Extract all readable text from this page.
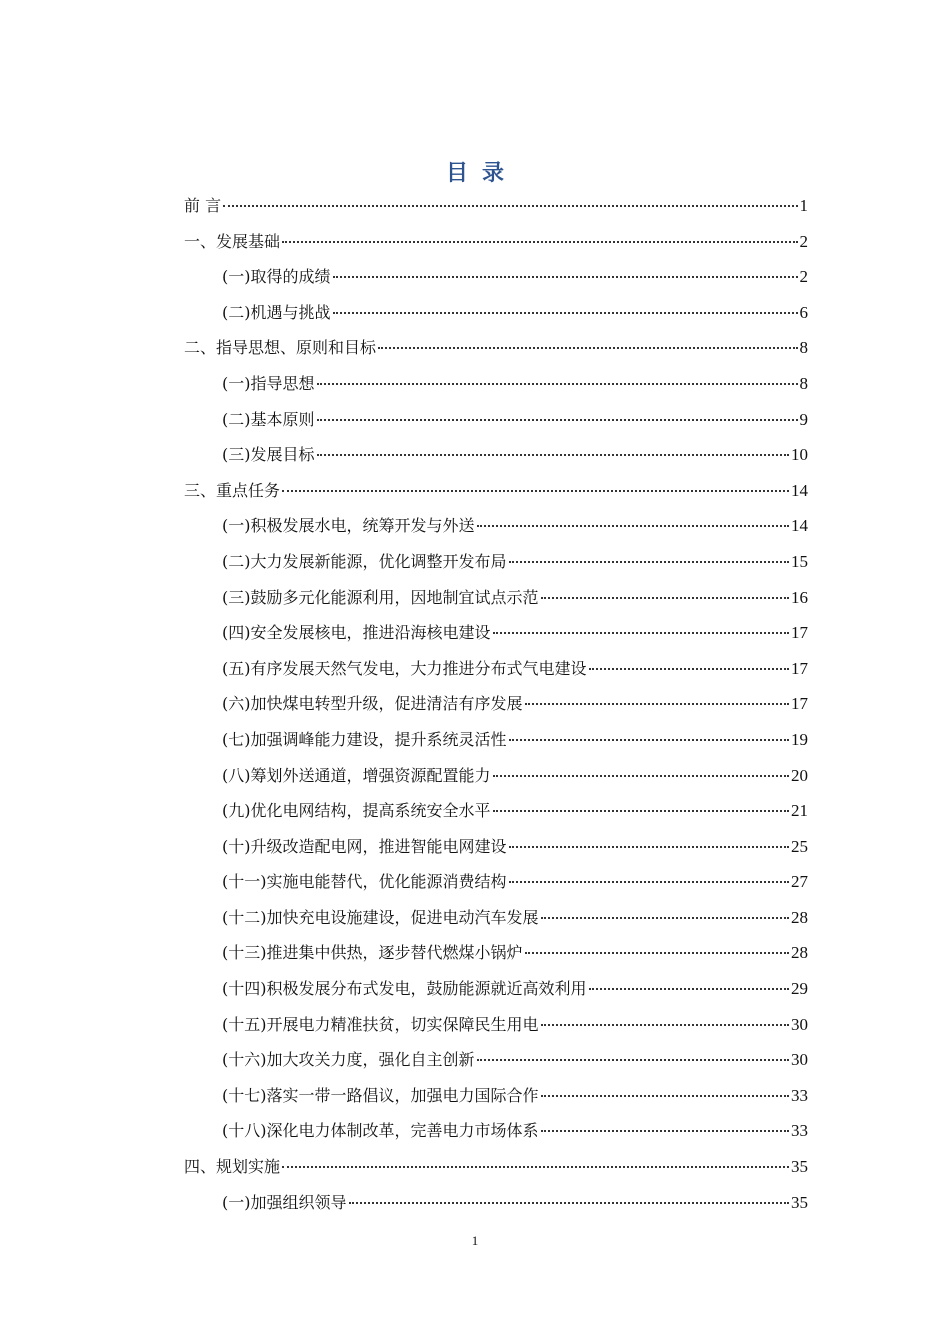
目录
前 言	1
一、发展基础	2
(一)取得的成绩	2
(二)机遇与挑战	6
二、指导思想、原则和目标	8
(一)指导思想	8
(二)基本原则	9
(三)发展目标	10
三、重点任务	14
(一)积极发展水电，统筹开发与外送	14
(二)大力发展新能源，优化调整开发布局	15
(三)鼓励多元化能源利用，因地制宜试点示范	16
(四)安全发展核电，推进沿海核电建设	17
(五)有序发展天然气发电，大力推进分布式气电建设	17
(六)加快煤电转型升级，促进清洁有序发展	17
(七)加强调峰能力建设，提升系统灵活性	19
(八)筹划外送通道，增强资源配置能力	20
(九)优化电网结构，提高系统安全水平	21
(十)升级改造配电网，推进智能电网建设	25
(十一)实施电能替代，优化能源消费结构	27
(十二)加快充电设施建设，促进电动汽车发展	28
(十三)推进集中供热，逐步替代燃煤小锅炉	28
(十四)积极发展分布式发电，鼓励能源就近高效利用	29
(十五)开展电力精准扶贫，切实保障民生用电	30
(十六)加大攻关力度，强化自主创新	30
(十七)落实一带一路倡议，加强电力国际合作	33
(十八)深化电力体制改革，完善电力市场体系	33
四、规划实施	35
(一)加强组织领导	35
1
